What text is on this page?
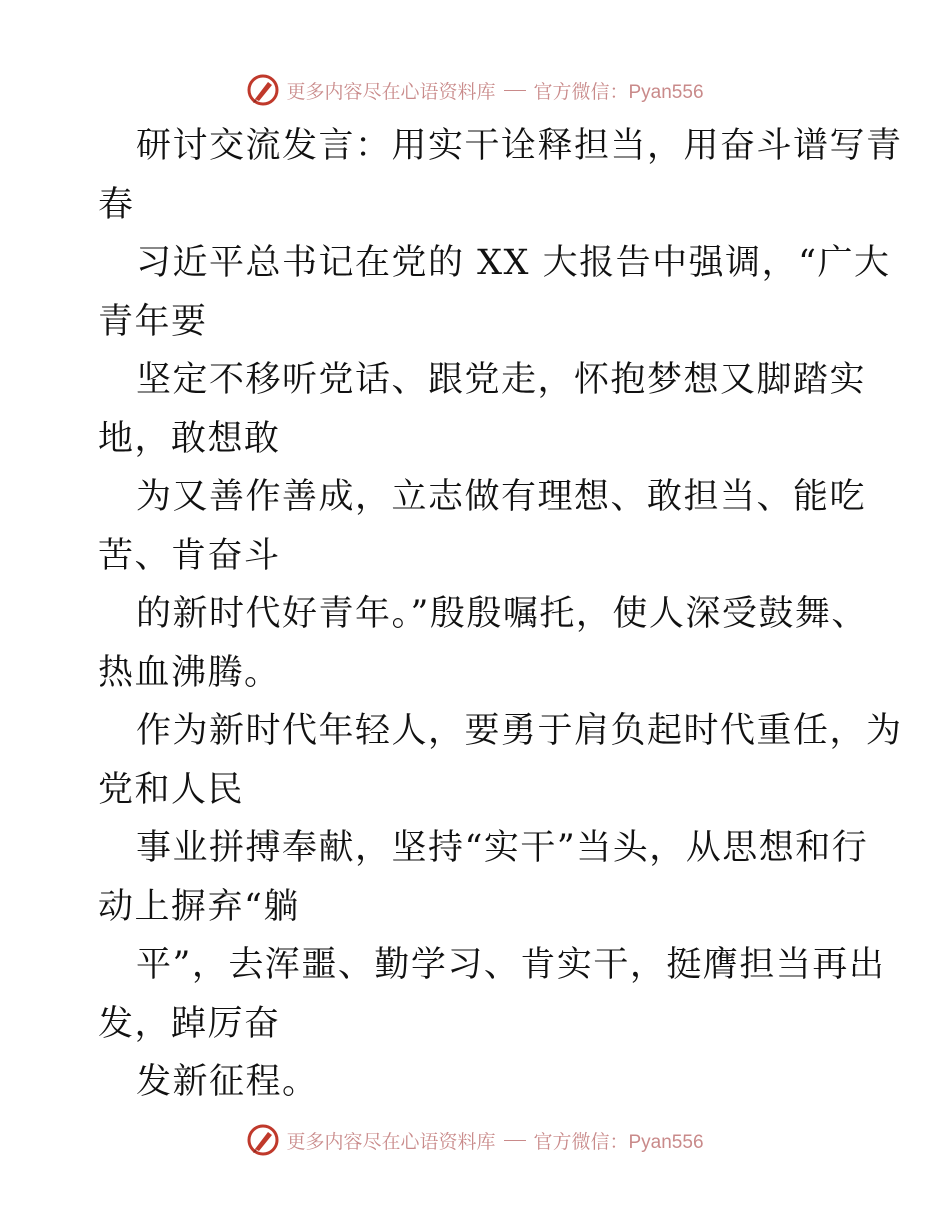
更多内容尽在心语资料库 官方微信：Pyan556
研讨交流发言：用实干诠释担当，用奋斗谱写青
春
习近平总书记在党的 XX 大报告中强调，“广大
青年要
坚定不移听党话、跟党走，怀抱梦想又脚踏实
地，敢想敢
为又善作善成，立志做有理想、敢担当、能吃
苦、肯奋斗
的新时代好青年。”殷殷嘱托，使人深受鼓舞、
热血沸腾。
作为新时代年轻人，要勇于肩负起时代重任，为
党和人民
事业拼搏奉献，坚持“实干”当头，从思想和行
动上摒弃“躺
平”，去浑噩、勤学习、肯实干，挺膺担当再出
发，踔厉奋
发新征程。
更多内容尽在心语资料库 官方微信：Pyan556
